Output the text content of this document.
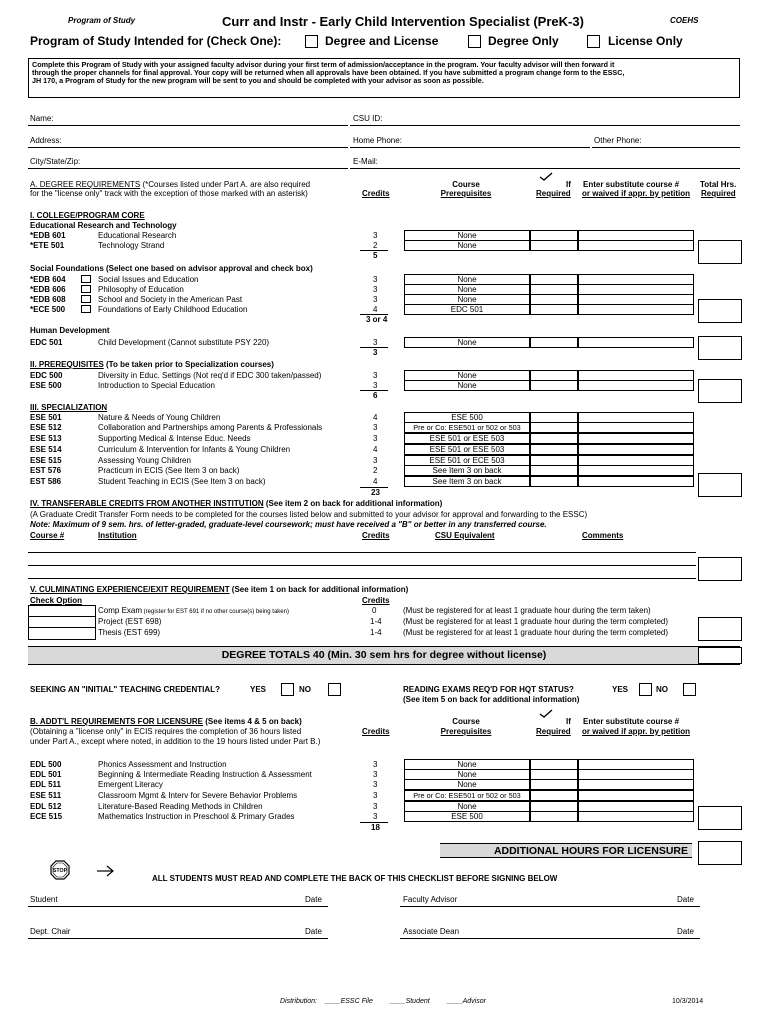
Program of Study	Curr and Instr - Early Child Intervention Specialist (PreK-3)	COEHS
Program of Study Intended for (Check One):	Degree and License	Degree Only	License Only
Complete this Program of Study with your assigned faculty advisor during your first term of admission/acceptance in the program. Your faculty advisor will then forward it
through the proper channels for final approval. Your copy will be returned when all approvals have been obtained. If you have submitted a program change form to the ESSC,
JH 170, a Program of Study for the new program will be sent to you and should be completed with your advisor as soon as possible.
Name:	CSU ID:
Address:	Home Phone:	Other Phone:
City/State/Zip:	E-Mail:
A. DEGREE REQUIREMENTS (*Courses listed under Part A. are also required
for the "license only" track with the exception of those marked with an asterisk)	Credits
Course
Prerequisites
If
Required
Enter substitute course #
or waived if appr. by petition
Total Hrs.
Required
I. COLLEGE/PROGRAM CORE
Educational Research and Technology
*EDB 601	Educational Research	3	None
*ETE 501	Technology Strand	2	None
5
Social Foundations (Select one based on advisor approval and check box)
*EDB 604	Social Issues and Education	3	None
*EDB 606	Philosophy of Education	3	None
*EDB 608	School and Society in the American Past	3	None
*ECE 500	Foundations of Early Childhood Education	4	EDC 501
3 or 4
Human Development
EDC 501	Child Development (Cannot substitute PSY 220)	3	None
3
II. PREREQUISITES (To be taken prior to Specialization courses)
EDC 500	Diversity in Educ. Settings (Not req'd if EDC 300 taken/passed)	3	None
ESE 500	Introduction to Special Education	3	None
6
III. SPECIALIZATION
ESE 501	Nature & Needs of Young Children	4	ESE 500
ESE 512	Collaboration and Partnerships among Parents & Professionals	3	Pre or Co: ESE501 or 502 or 503
ESE 513	Supporting Medical & Intense Educ. Needs	3	ESE 501 or ESE 503
ESE 514	Curriculum & Intervention for Infants & Young Children	4	ESE 501 or ESE 503
ESE 515	Assessing Young Children	3	ESE 501 or ECE 503
EST 576	Practicum in ECIS (See Item 3 on back)	2	See Item 3 on back
EST 586	Student Teaching in ECIS (See Item 3 on back)	4	See Item 3 on back
23
IV. TRANSFERABLE CREDITS FROM ANOTHER INSTITUTION (See item 2 on back for additional information)
(A Graduate Credit Transfer Form needs to be completed for the courses listed below and submitted to your advisor for approval and forwarding to the ESSC)
Note: Maximum of 9 sem. hrs. of letter-graded, graduate-level coursework; must have received a "B" or better in any transferred course.
Course #	Institution	Credits	CSU Equivalent	Comments
V. CULMINATING EXPERIENCE/EXIT REQUIREMENT (See item 1 on back for additional information)
Check Option	Credits
Comp Exam (register for EST 691 if no other course(s) being taken)	0	(Must be registered for at least 1 graduate hour during the term taken)
Project (EST 698)	1-4	(Must be registered for at least 1 graduate hour during the term completed)
Thesis (EST 699)	1-4	(Must be registered for at least 1 graduate hour during the term completed)
DEGREE TOTALS 40 (Min. 30 sem hrs for degree without license)
SEEKING AN "INITIAL" TEACHING CREDENTIAL?	YES	NO	READING EXAMS REQ'D FOR HQT STATUS?
(See item 5 on back for additional information)
YES	NO
B. ADDT'L REQUIREMENTS FOR LICENSURE (See items 4 & 5 on back)
(Obtaining a "license only" in ECIS requires the completion of 36 hours listed
under Part A., except where noted, in addition to the 19 hours listed under Part B.)
Credits
Course
Prerequisites
If
Required
Enter substitute course #
or waived if appr. by petition
EDL 500	Phonics Assessment and Instruction	3	None
EDL 501	Beginning & Intermediate Reading Instruction & Assessment	3	None
EDL 511	Emergent Literacy	3	None
ESE 511	Classroom Mgmt & Interv for Severe Behavior Problems	3	Pre or Co: ESE501 or 502 or 503
EDL 512	Literature-Based Reading Methods in Children	3	None
ECE 515	Mathematics Instruction in Preschool & Primary Grades	3	ESE 500
18
ADDITIONAL HOURS FOR LICENSURE
STOP
ALL STUDENTS MUST READ AND COMPLETE THE BACK OF THIS CHECKLIST BEFORE SIGNING BELOW
Student	Date	Faculty Advisor	Date
Dept. Chair	Date	Associate Dean	Date
Distribution: ____ESSC File ____Student ____Advisor	10/3/2014
